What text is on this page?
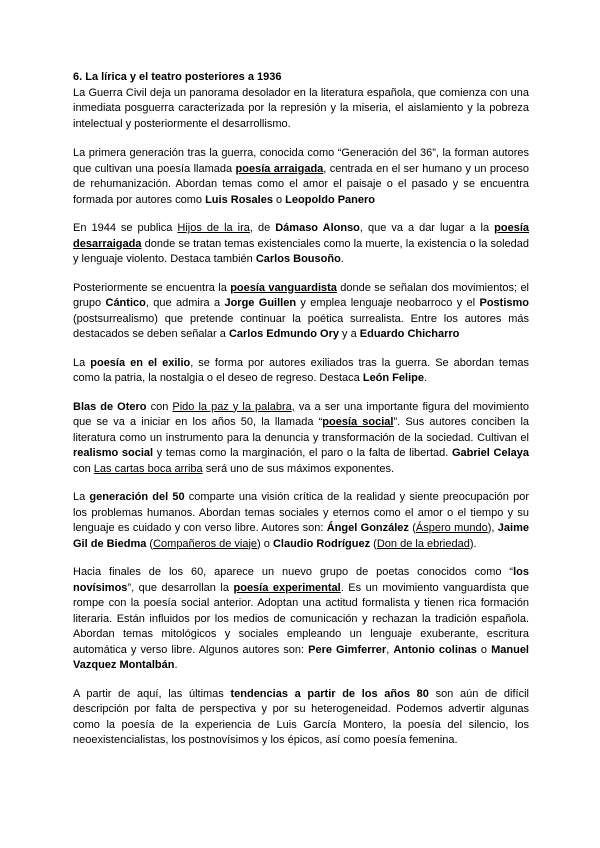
6. La lírica y el teatro posteriores a 1936

La Guerra Civil deja un panorama desolador en la literatura española, que comienza con una inmediata posguerra caracterizada por la represión y la miseria, el aislamiento y la pobreza intelectual y posteriormente el desarrollismo.

La primera generación tras la guerra, conocida como “Generación del 36”, la forman autores que cultivan una poesía llamada poesía arraigada, centrada en el ser humano y un proceso de rehumanización. Abordan temas como el amor el paisaje o el pasado y se encuentra formada por autores como Luis Rosales o Leopoldo Panero

En 1944 se publica Hijos de la ira, de Dámaso Alonso, que va a dar lugar a la poesía desarraigada donde se tratan temas existenciales como la muerte, la existencia o la soledad y lenguaje violento. Destaca también Carlos Bousoño.

Posteriormente se encuentra la poesía vanguardista donde se señalan dos movimientos; el grupo Cántico, que admira a Jorge Guillen y emplea lenguaje neobarroco y el Postismo (postsurrealismo) que pretende continuar la poética surrealista. Entre los autores más destacados se deben señalar a Carlos Edmundo Ory y a Eduardo Chicharro

La poesía en el exilio, se forma por autores exiliados tras la guerra. Se abordan temas como la patria, la nostalgia o el deseo de regreso. Destaca León Felipe.

Blas de Otero con Pido la paz y la palabra, va a ser una importante figura del movimiento que se va a iniciar en los años 50, la llamada “poesía social”. Sus autores conciben la literatura como un instrumento para la denuncia y transformación de la sociedad. Cultivan el realismo social y temas como la marginación, el paro o la falta de libertad. Gabriel Celaya con Las cartas boca arriba será uno de sus máximos exponentes.

La generación del 50 comparte una visión crítica de la realidad y siente preocupación por los problemas humanos. Abordan temas sociales y eternos como el amor o el tiempo y su lenguaje es cuidado y con verso libre. Autores son: Ángel González (Áspero mundo), Jaime Gil de Biedma (Compañeros de viaje) o Claudio Rodríguez (Don de la ebriedad).

Hacia finales de los 60, aparece un nuevo grupo de poetas conocidos como “los novísimos”, que desarrollan la poesía experimental. Es un movimiento vanguardista que rompe con la poesía social anterior. Adoptan una actitud formalista y tienen rica formación literaria. Están influidos por los medios de comunicación y rechazan la tradición española. Abordan temas mitológicos y sociales empleando un lenguaje exuberante, escritura automática y verso libre. Algunos autores son: Pere Gimferrer, Antonio colinas o Manuel Vazquez Montalbán.

A partir de aquí, las últimas tendencias a partir de los años 80 son aún de difícil descripción por falta de perspectiva y por su heterogeneidad. Podemos advertir algunas como la poesía de la experiencia de Luis García Montero, la poesía del silencio, los neoexistencialistas, los postnovísimos y los épicos, así como poesía femenina.
